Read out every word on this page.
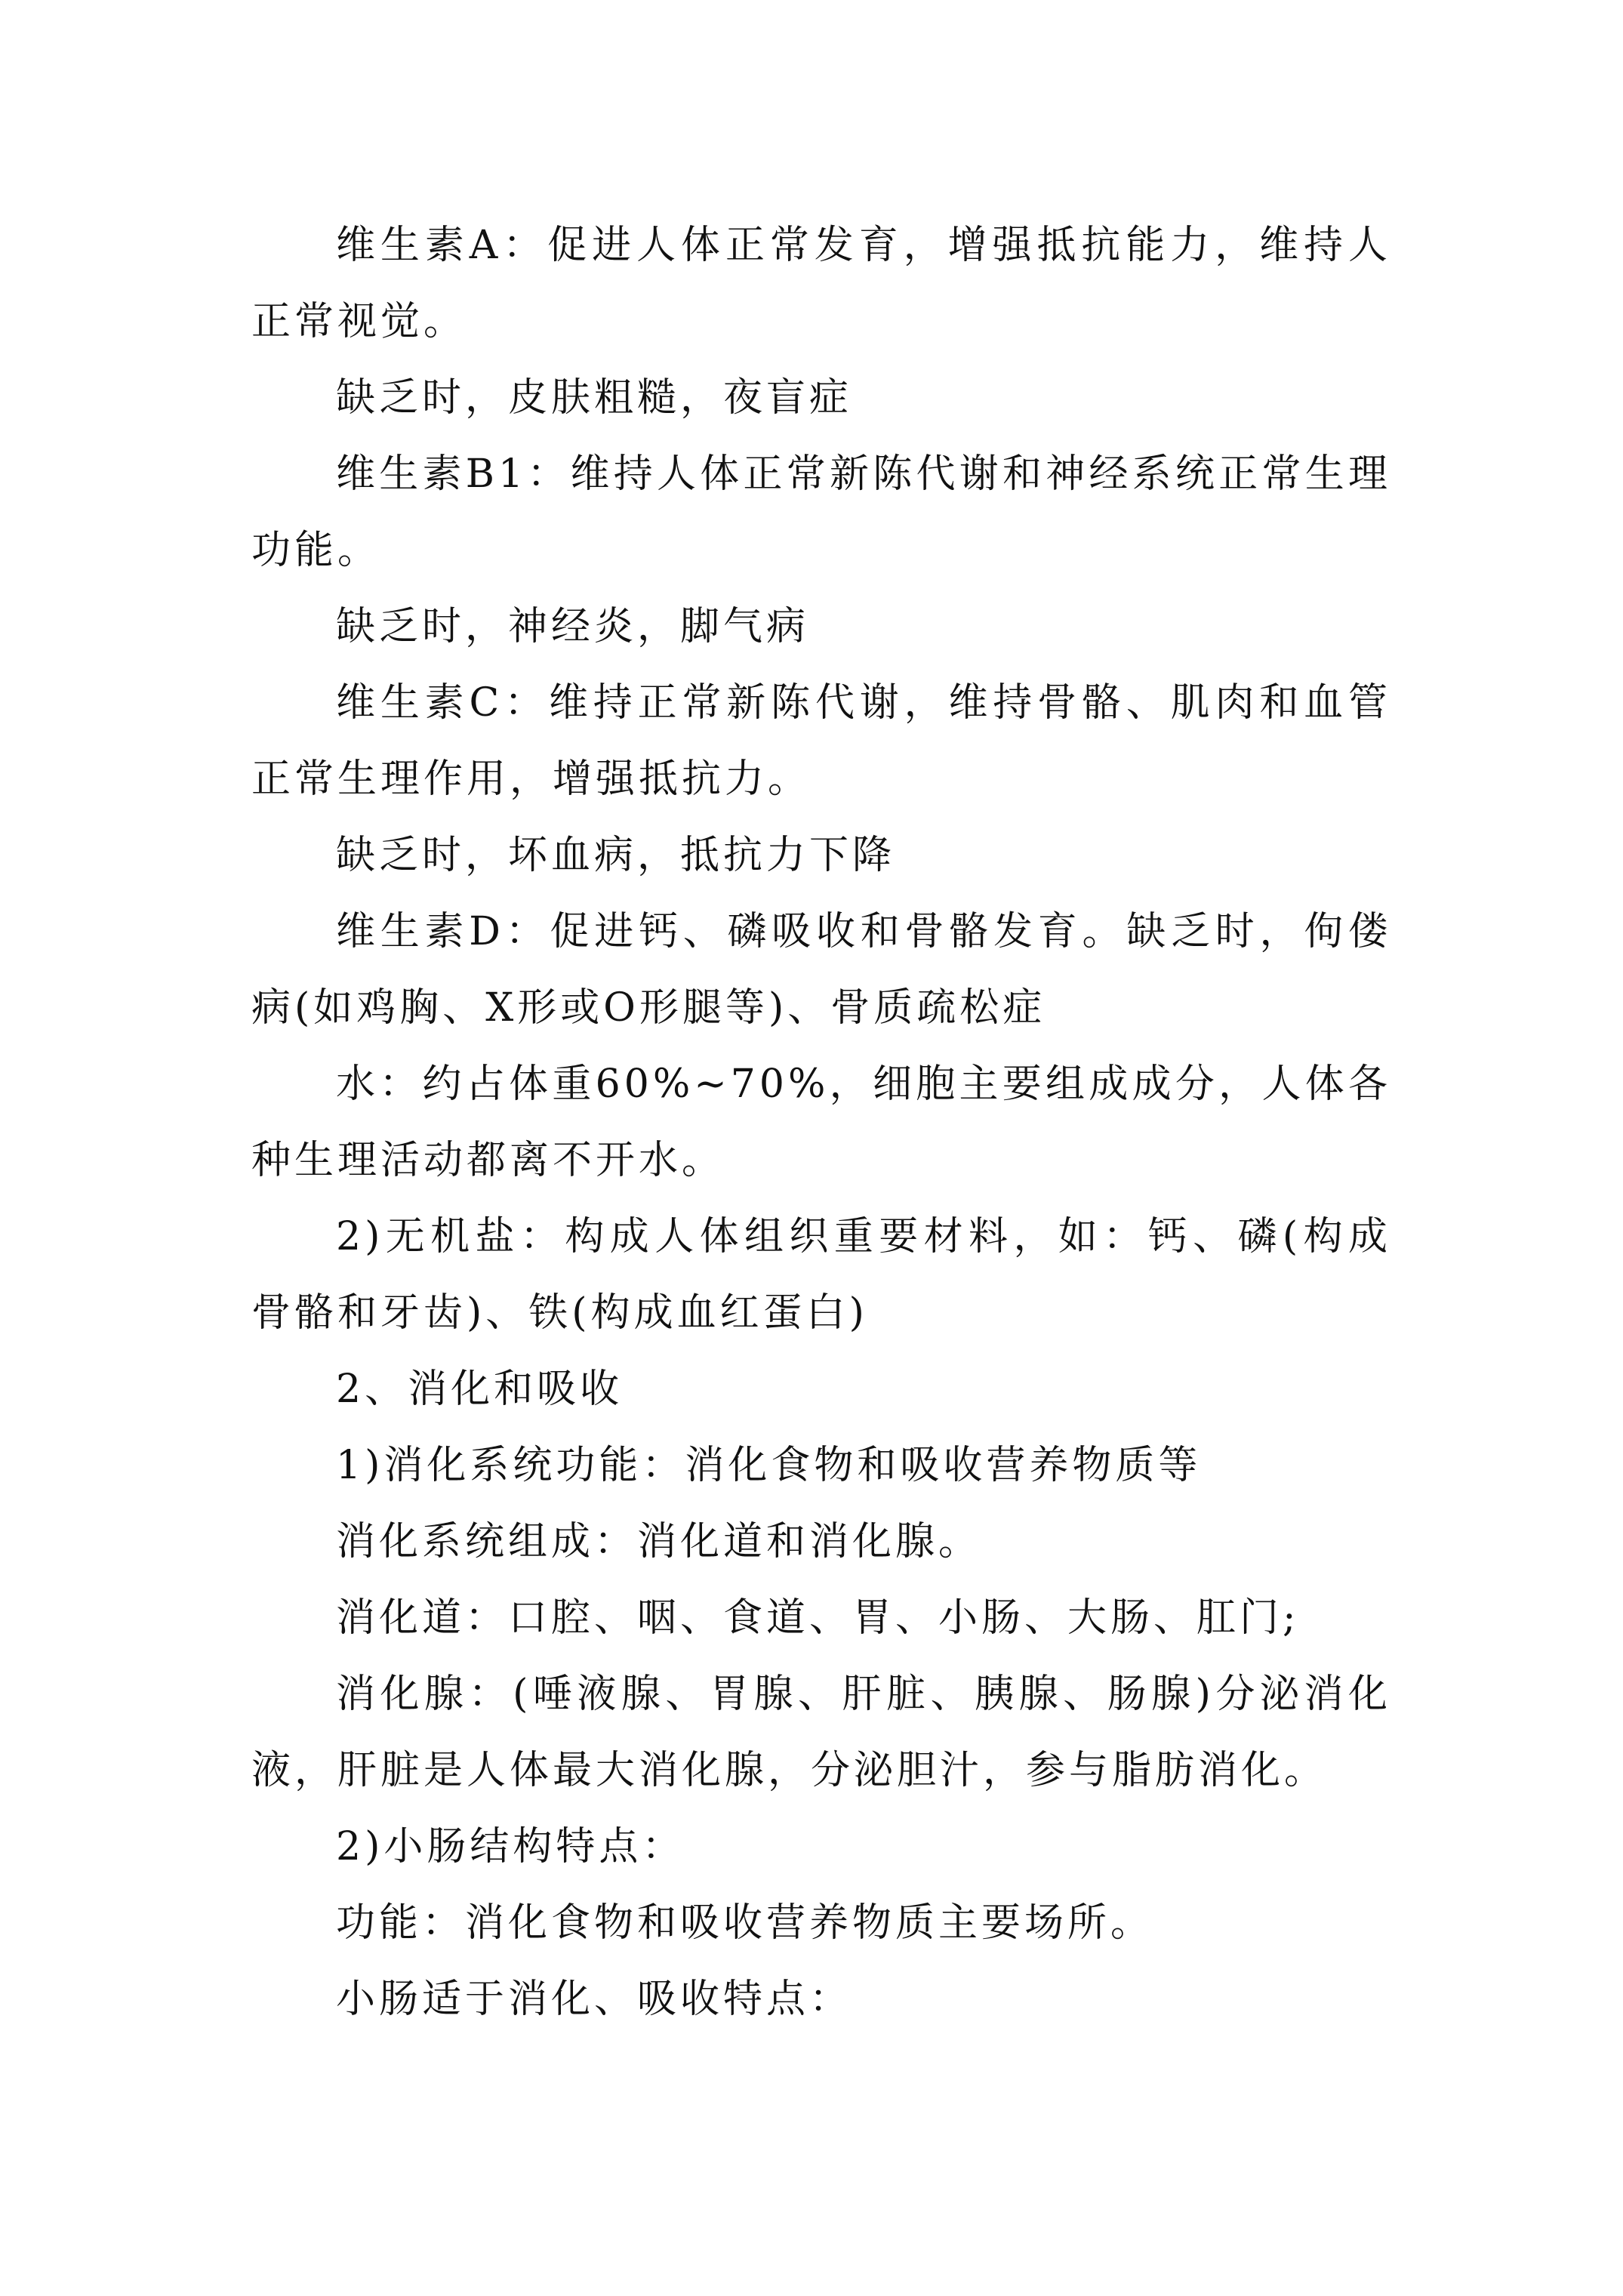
维生素A：促进人体正常发育，增强抵抗能力，维持人正常视觉。

缺乏时，皮肤粗糙，夜盲症

维生素B1：维持人体正常新陈代谢和神经系统正常生理功能。

缺乏时，神经炎，脚气病

维生素C：维持正常新陈代谢，维持骨骼、肌肉和血管正常生理作用，增强抵抗力。

缺乏时，坏血病，抵抗力下降

维生素D：促进钙、磷吸收和骨骼发育。缺乏时，佝偻病(如鸡胸、X形或O形腿等)、骨质疏松症

水：约占体重60%~70%，细胞主要组成成分，人体各种生理活动都离不开水。

2)无机盐：构成人体组织重要材料，如：钙、磷(构成骨骼和牙齿)、铁(构成血红蛋白)

2、消化和吸收

1)消化系统功能：消化食物和吸收营养物质等

消化系统组成：消化道和消化腺。

消化道：口腔、咽、食道、胃、小肠、大肠、肛门;

消化腺：(唾液腺、胃腺、肝脏、胰腺、肠腺)分泌消化液，肝脏是人体最大消化腺，分泌胆汁，参与脂肪消化。

2)小肠结构特点：

功能：消化食物和吸收营养物质主要场所。

小肠适于消化、吸收特点：
